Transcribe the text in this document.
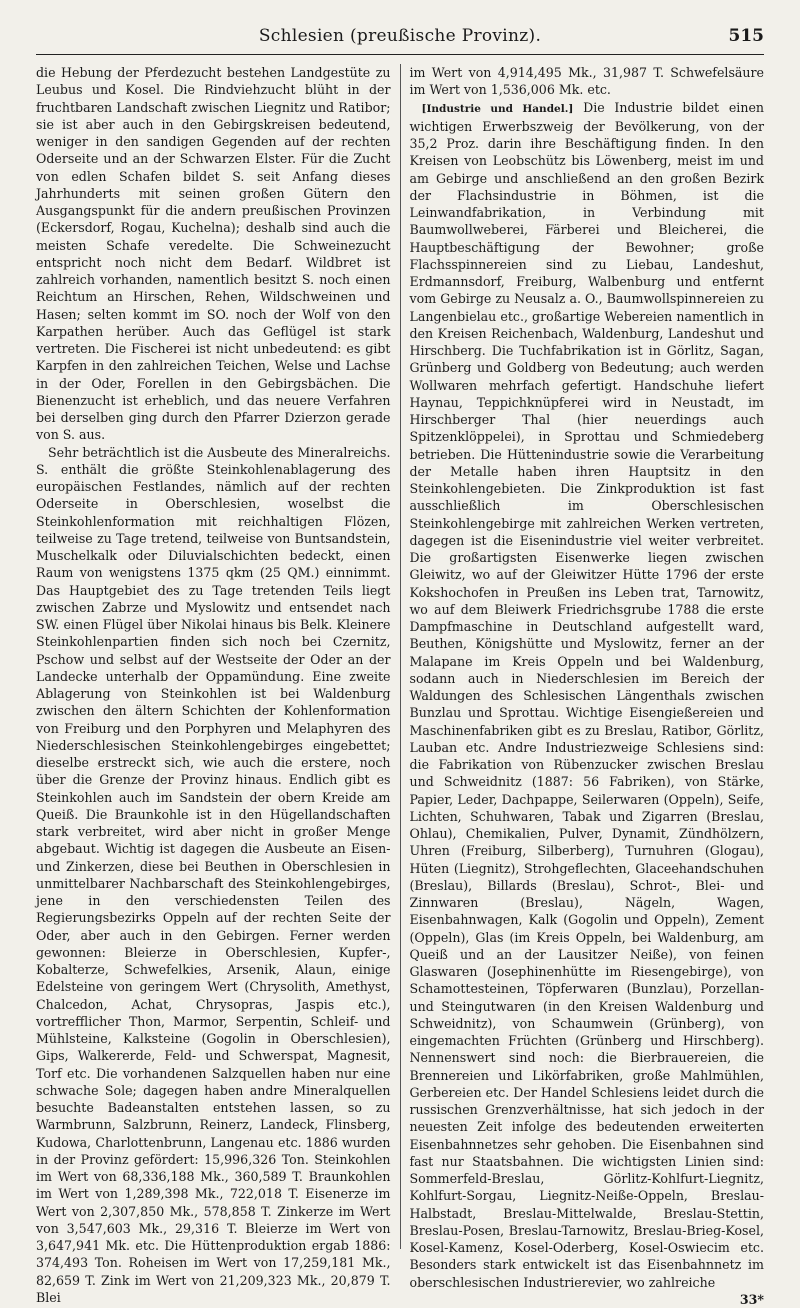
Schlesien (preußische Provinz).	515

die Hebung der Pferdezucht bestehen Landgestüte zu Leubus und Kosel. Die Rindviehzucht blüht in der fruchtbaren Landschaft zwischen Liegnitz und Ratibor; sie ist aber auch in den Gebirgskreisen bedeutend, weniger in den sandigen Gegenden auf der rechten Oderseite und an der Schwarzen Elster. Für die Zucht von edlen Schafen bildet S. seit Anfang dieses Jahrhunderts mit seinen großen Gütern den Ausgangspunkt für die andern preußischen Provinzen (Eckersdorf, Rogau, Kuchelna); deshalb sind auch die meisten Schafe veredelte. Die Schweinezucht entspricht noch nicht dem Bedarf. Wildbret ist zahlreich vorhanden, namentlich besitzt S. noch einen Reichtum an Hirschen, Rehen, Wildschweinen und Hasen; selten kommt im SO. noch der Wolf von den Karpathen herüber. Auch das Geflügel ist stark vertreten. Die Fischerei ist nicht unbedeutend: es gibt Karpfen in den zahlreichen Teichen, Welse und Lachse in der Oder, Forellen in den Gebirgsbächen. Die Bienenzucht ist erheblich, und das neuere Verfahren bei derselben ging durch den Pfarrer Dzierzon gerade von S. aus.

Sehr beträchtlich ist die Ausbeute des Mineralreichs. S. enthält die größte Steinkohlenablagerung des europäischen Festlandes, nämlich auf der rechten Oderseite in Oberschlesien, woselbst die Steinkohlenformation mit reichhaltigen Flözen, teilweise zu Tage tretend, teilweise von Buntsandstein, Muschelkalk oder Diluvialschichten bedeckt, einen Raum von wenigstens 1375 qkm (25 QM.) einnimmt. Das Hauptgebiet des zu Tage tretenden Teils liegt zwischen Zabrze und Myslowitz und entsendet nach SW. einen Flügel über Nikolai hinaus bis Belk. Kleinere Steinkohlenpartien finden sich noch bei Czernitz, Pschow und selbst auf der Westseite der Oder an der Landecke unterhalb der Oppamündung. Eine zweite Ablagerung von Steinkohlen ist bei Waldenburg zwischen den ältern Schichten der Kohlenformation von Freiburg und den Porphyren und Melaphyren des Niederschlesischen Steinkohlengebirges eingebettet; dieselbe erstreckt sich, wie auch die erstere, noch über die Grenze der Provinz hinaus. Endlich gibt es Steinkohlen auch im Sandstein der obern Kreide am Queiß. Die Braunkohle ist in den Hügellandschaften stark verbreitet, wird aber nicht in großer Menge abgebaut. Wichtig ist dagegen die Ausbeute an Eisen- und Zinkerzen, diese bei Beuthen in Oberschlesien in unmittelbarer Nachbarschaft des Steinkohlengebirges, jene in den verschiedensten Teilen des Regierungsbezirks Oppeln auf der rechten Seite der Oder, aber auch in den Gebirgen. Ferner werden gewonnen: Bleierze in Oberschlesien, Kupfer-, Kobalterze, Schwefelkies, Arsenik, Alaun, einige Edelsteine von geringem Wert (Chrysolith, Amethyst, Chalcedon, Achat, Chrysopras, Jaspis etc.), vortrefflicher Thon, Marmor, Serpentin, Schleif- und Mühlsteine, Kalksteine (Gogolin in Oberschlesien), Gips, Walkererde, Feld- und Schwerspat, Magnesit, Torf etc. Die vorhandenen Salzquellen haben nur eine schwache Sole; dagegen haben andre Mineralquellen besuchte Badeanstalten entstehen lassen, so zu Warmbrunn, Salzbrunn, Reinerz, Landeck, Flinsberg, Kudowa, Charlottenbrunn, Langenau etc. 1886 wurden in der Provinz gefördert: 15,996,326 Ton. Steinkohlen im Wert von 68,336,188 Mk., 360,589 T. Braunkohlen im Wert von 1,289,398 Mk., 722,018 T. Eisenerze im Wert von 2,307,850 Mk., 578,858 T. Zinkerze im Wert von 3,547,603 Mk., 29,316 T. Bleierze im Wert von 3,647,941 Mk. etc. Die Hüttenproduktion ergab 1886: 374,493 Ton. Roheisen im Wert von 17,259,181 Mk., 82,659 T. Zink im Wert von 21,209,323 Mk., 20,879 T. Blei

im Wert von 4,914,495 Mk., 31,987 T. Schwefelsäure im Wert von 1,536,006 Mk. etc.

[Industrie und Handel.] Die Industrie bildet einen wichtigen Erwerbszweig der Bevölkerung, von der 35,2 Proz. darin ihre Beschäftigung finden. In den Kreisen von Leobschütz bis Löwenberg, meist im und am Gebirge und anschließend an den großen Bezirk der Flachsindustrie in Böhmen, ist die Leinwandfabrikation, in Verbindung mit Baumwollweberei, Färberei und Bleicherei, die Hauptbeschäftigung der Bewohner; große Flachsspinnereien sind zu Liebau, Landeshut, Erdmannsdorf, Freiburg, Walbenburg und entfernt vom Gebirge zu Neusalz a. O., Baumwollspinnereien zu Langenbielau etc., großartige Webereien namentlich in den Kreisen Reichenbach, Waldenburg, Landeshut und Hirschberg. Die Tuchfabrikation ist in Görlitz, Sagan, Grünberg und Goldberg von Bedeutung; auch werden Wollwaren mehrfach gefertigt. Handschuhe liefert Haynau, Teppichknüpferei wird in Neustadt, im Hirschberger Thal (hier neuerdings auch Spitzenklöppelei), in Sprottau und Schmiedeberg betrieben. Die Hüttenindustrie sowie die Verarbeitung der Metalle haben ihren Hauptsitz in den Steinkohlengebieten. Die Zinkproduktion ist fast ausschließlich im Oberschlesischen Steinkohlengebirge mit zahlreichen Werken vertreten, dagegen ist die Eisenindustrie viel weiter verbreitet. Die großartigsten Eisenwerke liegen zwischen Gleiwitz, wo auf der Gleiwitzer Hütte 1796 der erste Kokshochofen in Preußen ins Leben trat, Tarnowitz, wo auf dem Bleiwerk Friedrichsgrube 1788 die erste Dampfmaschine in Deutschland aufgestellt ward, Beuthen, Königshütte und Myslowitz, ferner an der Malapane im Kreis Oppeln und bei Waldenburg, sodann auch in Niederschlesien im Bereich der Waldungen des Schlesischen Längenthals zwischen Bunzlau und Sprottau. Wichtige Eisengießereien und Maschinenfabriken gibt es zu Breslau, Ratibor, Görlitz, Lauban etc. Andre Industriezweige Schlesiens sind: die Fabrikation von Rübenzucker zwischen Breslau und Schweidnitz (1887: 56 Fabriken), von Stärke, Papier, Leder, Dachpappe, Seilerwaren (Oppeln), Seife, Lichten, Schuhwaren, Tabak und Zigarren (Breslau, Ohlau), Chemikalien, Pulver, Dynamit, Zündhölzern, Uhren (Freiburg, Silberberg), Turnuhren (Glogau), Hüten (Liegnitz), Strohgeflechten, Glaceehandschuhen (Breslau), Billards (Breslau), Schrot-, Blei- und Zinnwaren (Breslau), Nägeln, Wagen, Eisenbahnwagen, Kalk (Gogolin und Oppeln), Zement (Oppeln), Glas (im Kreis Oppeln, bei Waldenburg, am Queiß und an der Lausitzer Neiße), von feinen Glaswaren (Josephinenhütte im Riesengebirge), von Schamottesteinen, Töpferwaren (Bunzlau), Porzellan- und Steingutwaren (in den Kreisen Waldenburg und Schweidnitz), von Schaumwein (Grünberg), von eingemachten Früchten (Grünberg und Hirschberg). Nennenswert sind noch: die Bierbrauereien, die Brennereien und Likörfabriken, große Mahlmühlen, Gerbereien etc. Der Handel Schlesiens leidet durch die russischen Grenzverhältnisse, hat sich jedoch in der neuesten Zeit infolge des bedeutenden erweiterten Eisenbahnnetzes sehr gehoben. Die Eisenbahnen sind fast nur Staatsbahnen. Die wichtigsten Linien sind: Sommerfeld-Breslau, Görlitz-Kohlfurt-Liegnitz, Kohlfurt-Sorgau, Liegnitz-Neiße-Oppeln, Breslau-Halbstadt, Breslau-Mittelwalde, Breslau-Stettin, Breslau-Posen, Breslau-Tarnowitz, Breslau-Brieg-Kosel, Kosel-Kamenz, Kosel-Oderberg, Kosel-Oswiecim etc. Besonders stark entwickelt ist das Eisenbahnnetz im oberschlesischen Industrierevier, wo zahlreiche

33*
